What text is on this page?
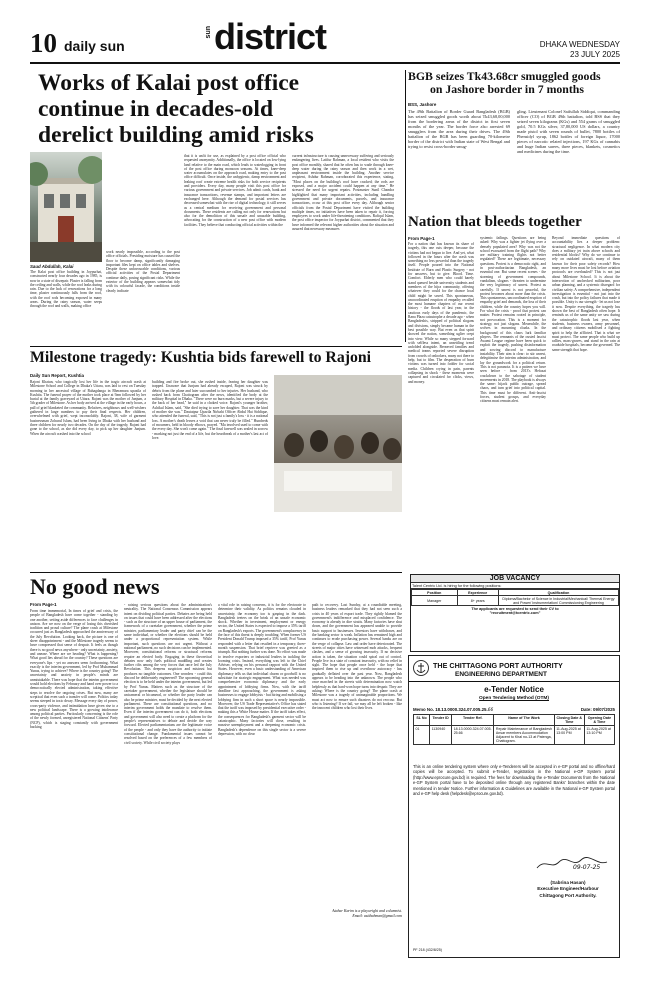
10 daily sun
sun district	DHAKA WEDNESDAY
23 JULY 2025
Works of Kalai post office
continue in decades-old
derelict building amid risks
Saud Abdullah, Kalai
The Kalai post office building in Joypurhat, constructed nearly four decades ago in 1985, is now in a state of disrepair. Plaster is falling from the ceiling and walls, while the roof leaks during rain. Due to the lack of renovations for a long time, plaster continuously falls from the roof, with the roof rods becoming exposed in many areas. During the rainy season, water seeps through the roof and walls, making office
work nearly impossible, according to the post office officials. Presiding moisture has caused the floor to become damp, significantly damaging important files kept on office tables and shelves. Despite these unfavourable conditions, various official activities of the Postal Department continue daily, posing significant risks. While the exterior of the building appears somewhat tidy with its colourful facade, the conditions inside clearly indicate
that it is unfit for use, as explained by a post office official who requested anonymity. Additionally, the office is located on low-lying land relative to the main road, which leads to waterlogging in front of the post office during monsoon seasons. At times, knee-deep water accumulates on the approach road, making entry to the post office difficult. Once inside, the unhygienic, damp environment and leaking roof create extreme health risks for both service recipients and providers. Every day, many people visit this post office for various government and private services. Job admit cards, bank and insurance transactions, revenue stamps, and important letters are exchanged here. Although the demand for postal services has decreased somewhat with the rise of digital technology, it still serves as a central medium for receiving government and personal documents. These residents are calling not only for renovations but also for the demolition of this unsafe and unusable building, advocating for the construction of a new post office with modern facilities. They believe that conducting official activities within the
current infrastructure is causing unnecessary suffering and seriously endangering lives. Latifur Rahman, a local resident who visits the post office monthly, shared that he often has to wade through knee-deep water during the rainy season and then work in a wet, unpleasant environment inside the building. Another service recipient, Ashdur Rahman, corroborated this experience, stating, "Most places on the building's roof have cracked; the rods are exposed, and a major accident could happen at any time." He stressed the need for urgent repairs. Postmaster Sunil Chandra highlighted that many important activities, including handling government and private documents, parcels, and insurance transactions, occur at this post office every day. Although senior officials from the Postal Department have visited the building multiple times, no initiatives have been taken to repair it, forcing employees to work under life-threatening conditions. Rafiqul Islam, the post office inspector for Joypurhat district, commented that they have informed the relevant higher authorities about the situation and assured that necessary measures
BGB seizes Tk43.68cr smuggled goods
on Jashore border in 7 months
BSS, Jashore
The 49th Battalion of Border Guard Bangladesh (BGB) has seized smuggled goods worth about Tk43,68,00,000 from the bordering areas of the district in first seven months of the year. The border force also arrested 69 smugglers from the area during their drives. The 49th battalion of the BGB has been guarding 70-kilometre border of the district with Indian state of West Bengal and trying to resist cross-border smug-
gling. Lieutenant Colonel Saifullah Siddiqui, commanding officer (CO) of BGB 49th battalion, told BSS that they seized seven kilograms (KGs) and 554 grams of smuggled gold, 70.5 KGs silver, 37,80,000 US dollars, a country made pistol with seven rounds of bullet, 7800 bottles of Phensidyl syrup, 1862 bottles of foreign liquor, 17000 pieces of narcotic related injections, 197 KGs of cannabis and huge Indian sarees, three pieces, blankets, cosmetics and medicines during the time.
Nation that bleeds together
From Page-1
For a nation that has known its share of tragedy, this one cuts deeper, because the victims had not begun to live. And yet, what followed in the hours after the crash was something no less powerful than the tragedy itself. People poured into the National Institute of Burn and Plastic Surgery - not for answers, but to give. Blood. Time. Comfort. Elderly men who could barely stand queued beside university students and members of the hijra community, offering whatever they could for the chance local child might be saved. This spontaneous, uncoordinated eruption of empathy recalled the most humane chapters of our recent history - the floods of last year, in the cautious early days of the pandemic, the Rana Plaza catastrophe a decade ago - when Bangladeshis, stripped of political slogans and divisions, simply became human in the best possible way. But even as that spirit showed the nation, something uglier crept into view. While so many stepped forward with selfless intent, an unsettling trend unfolded alongside. Bereaved families and medical teams reported severe disruption from crowds of onlookers, many not there to help, but to film. The desperation of burn victims was turned into fodder for social media. Children crying in pain, parents collapsing in shock - these moments were captured and circulated for clicks, views, and money.
systemic failings. Questions are being asked: Why was a fighter jet flying over a densely populated area? Why was not the school evacuated from the flight path? Why are military training flights not better regulated? These are legitimate, necessary questions. Protest is a democratic right, and in post-authoritarian Bangladesh, an essential one. But some recent scenes - the storming of government compounds, vandalism, slogans - threaten to undermine the very legitimacy of unrest. Protest as carefully. If unrest is not peaceful, the protest becomes about more than the crisis. This spontaneous, uncoordinated eruption of empathy grief and demands, the loss of their children, while the country hopes you will. For what the crisis - proof that protest can matter. Protest remains rooted in principle, not provocation. This is a moment for strategy, not just slogans. Meanwhile, the wolves in mourning cloaks. In the background of this chaos lurk familiar players. The remnants of the ousted fascist Awami League regime have been quick to exploit the tragedy, pushing disinformation and sowing discord to manufacture instability. Their aim is clear: to stir unrest, delegitimise the interim administration, and lay the groundwork for a political return. This is not paranoia. It is a pattern we have seen before - from 2013's Hefazat crackdown to the sabotage of student movements in 2018. The playbook is always the same: hijack public outrage, spread chaos, and turn grief into political capital. This time must be different. Anti-fascist forces, student groups, and everyday citizens must remain alert.
Beyond immediate questions of accountability lies a deeper problem: structural negligence. In what modern city does a military jet train above schools and residential blocks? Why do we continue to rely on outdated aircraft, many of them known for their poor safety records? How many more lives must be lost before aviation protocols are overhauled? This is not just about Milestone School. It is about the intersection of unchecked militarism, poor urban planning, and a systemic disregard for civilian safety. A comprehensive, independent investigation is essential - not just into the crash, but into the policy failures that made it possible. Unity is our strength - let us not lose it now. Despite everything, the tragedy has shown the best of Bangladesh often hope. It reminds us of the same unity we saw during the catastrophic floods last year, when students, business owners, army personnel, and ordinary citizens mobilised a fighting spirit to help the afflicted. That is what we must protect. The same people who build up rallies, mass-graves, and stand in the rain at roadside hospitals, become the governed. The same strength that hope.
Milestone tragedy: Kushtia bids farewell to Rajoni
Daily Sun Report, Kushtia
Rajoni Khatun, who tragically lost her life in the tragic aircraft crash at Milestone School and College in Dhaka's Uttara, was laid to rest on Tuesday morning in her ancestral village of Bahagdanga in Bheramara upazila of Kushtia. The funeral prayer of the mother took place at 9am followed by her burial at the family graveyard at Uttara. Rajoni was the mother of Junjum, a 5th grader of Milestone. As her body arrived at the village in the early hours, a pall of grief blanketed the community. Relatives, neighbours and well-wishers gathered in large numbers to pay their final respects. Her children, overwhelmed with grief, wept inconsolably. Rajoni, 38, wife of garment businessman Zohurul Islam, had been living in Dhaka with her husband and three children for nearly two decades. On the day of the tragedy, Rajoni had gone to the school, as she did every day, to pick up her daughter Junjum. When the aircraft crashed into the school
building and fire broke out, she rushed inside, fearing her daughter was trapped. Unaware that Junjum had already escaped, Rajoni was struck by debris from the plane and later succumbed to her injuries. Her husband, who rushed back from Chattogram after the news, identified the body at the military Hospital in Dhaka. "There were no burn marks, but a severe injury to the back of her head," he said in a choked voice. Rajoni's younger brother, Ashikul Islam, said, "She died trying to save her daughter. That was the kind of mother she was." Dautatpur Upazila Nirbahi Officer Abdul Hai Siddique, who attended the funeral, said, "This is not just a family's loss - it is a national loss. A mother's death leaves a void that can never truly be filled." Hundreds of mourners, held in bloody elbows, prayed. "Ma involved used to come with the every day. She won't come again." The final farewell was sealed in sorrow - marking not just the end of a life, but the heartbreak of a mother's last act of love.
No good news
From Page-1
From time immemorial, In times of grief and crisis, the people of Bangladesh have come together - standing by one another, setting aside differences to face challenges in unison. Are we now on the verge of losing this cherished tradition and proud culture? The plane crash at Milestone occurred just as Bangladesh approached the anniversary of the July Revolution. Looking back, the picture is one of sheer disappointment - and the Milestone tragedy seems to have compressed that sense of despair. It feels as though there is no good news anywhere - only uncertainty, anxiety, and unease. Where are we heading? What is happening? What good lies ahead for the country? These questions are everyone's lips - yet no answers seem forthcoming. What exactly is the interim government, led by Prof Muhammad Yunus, trying to achieve? Where is the country going? The uncertainty and anxiety in people's minds are unmistakable. There was hope that the interim government would hold elections by February and hand over power to a democratically elected administration, taking effective steps to resolve the ongoing crises. But now, many are sceptical that even such a transfer will come. Politics today seems steeped in toxic decay. Message every day of power, cross-party violence, and intimidation have given rise to a new political landscape. There is a growing intolerance among political parties. Particularly concerning is the role of the newly formed, unregistered National Citizens' Party (NCP), which is staging constantly with government backing
- raising serious questions about the administration's neutrality. The National Consensus Commission appears intent on dividing political parties. Debates are being held on issues that could have been addressed after the elections - such as the structure of an upper house of parliament, the framework of a caretaker government, whether the prime minister, parliamentary leader and party chief can be the same individual, or whether the elections should be held under a proportional representation system. While important, such questions are not urgent. Without a national parliament, no such decisions can be implemented. Moreover, constitutional reforms or structural reforms require an elected body. Engaging in these theoretical debates now only fuels political muddling and creates further rifts among the very forces that once led the July Revolution. This deepens suspicion and mistrust but produces no tangible outcomes. One wonders - could this discord be deliberately engineered? The upcoming general election is to be held under the interim government, but led by Prof Yunus. Matters such as the structure of the caretaker government, whether the legislature should be unicameral or bicameral, or whether the party leader can also be prime minister, must be decided by the next elected parliament. These are constitutional questions, and no interim government holds the mandate to resolve them. Even if the interim government can do it, both elections and government will also need to create a platform for the people's representatives to debate and decide the way forward. Elected parliamentarians are the legitimate voice of the people - and only they have the authority to initiate constitutional change. Fundamental issues cannot be resolved based on the preferences of a few members of civil society. While civil society plays
a vital role in raising concerns, it is for the electorate to determine their validity. As politics remains clouded in uncertainty, the economy too is gasping in the dark. Bangladesh teeters on the brink of an unsafe economic shock. Whether in investment, employment or energy sector, the United States is expected to impose a 35% tariff on Bangladesh's exports. The government's complacency in the face of this threat is deeply troubling. When former US President Donald Trump imposed a 35% tariff, Prof Yunus responded with a letter that resulted in a temporary, three-month suspension. That brief reprieve was greeted as a triumph. But nothing further was done. No effort was made to involve exporters or industrial leaders in tackling the looming crisis. Instead, everything was left to the Chief Adviser, relying on his personal rapport with the United States. However, even a basic understanding of American diplomacy tells us that individual charm or goodwill is no substitute for strategic engagement. What was needed was comprehensive economic diplomacy and the early appointment of lobbying firms. Now, with the tariff deadline fast approaching, the government is asking businesses to engage lobbyists - but hiring and mobilising a lobbying firm in such a short space is nearly impossible. Moreover, the US Trade Representative's Office has stated that the tariff was imposed by presidential executive order - making this a White House matter. If the tariff takes effect, the consequences for Bangladesh's garment sector will be catastrophic. Many factories will close, resulting in massive unemployment and a deepening economic crisis. Bangladesh's dependence on this single sector is a severe depression, with no clear
path to recovery. Last Sunday, at a roundtable meeting, business leaders remarked that they had not seen such a crisis in 40 years of export trade. They rightly blamed the government's indifference and misplaced confidence. The economy is already in dire straits. Many factories have shut down, and the government has appeared unable to provide basic support to businesses. Investors have withdrawn, and the banking sector is weak. Inflation has remained high and continues to erode purchasing power. Several banks are on the verge of collapse. Law and order have deteriorated. The streets of major cities have witnessed mob attacks, frequent clashes, and a sense of growing insecurity. If no decisive action is taken, the situation could spiral out of control. People live in a state of constant insecurity, with no relief in sight. The hope that people once held - the hope that inspired them to rise up and overthrow autocracy - has gradually deflated over the past year. Now, Bangladesh appears to be heading into the unknown. The people who once marched in the streets with determination now watch helplessly as that hard-won hope turns into despair. They are asking: Where is the country going? The plane crash at Milestone was a tragedy of unimaginable proportions. We must act now to ensure such disasters do not reoccur. But who is listening? If we fail, we may all be left broken - like the innocent children who lost their lives.
Atahar Karim is a playwright and columnist.
Email: asitbahman@gmail.com
JOB VACANCY
Talent Centric Ltd. is hiring for the following positions:
Position	Experience	Qualification
Manager	8+ years	Diploma/Bachelor of Science in Industrial/Mechanical/ Thermal Energy and Power/ Instrumentation/ Commissioning Engineering
The applicants are requested to send their CV to
"recruitment@tcentric.com"
THE CHITTAGONG PORT AUTHORITY
ENGINEERING DEPARTMENT
e-Tender Notice
Open Tendering Method (OTM)
Memo No. 18.13.0000.324.07.005.25.66	Date: 09/07/2025
SL No	Tender ID	Tender Ref.	Name of The Work	Closing Date & Time	Opening Date & Time
01	1130940	18.13.0000.324.07.005.25.66	Repair Maintenance of Bangladesh Ansar members Accommodation Adjacent to Khal no-13 at Patenga, Chattogram.	11-Aug-2025 at 13:00 PM	11-Aug-2025 at 13:10 PM
This is an online tendering system where only e-Tenderers will be accepted in e-GP portal and no offline/hard copies will be accepted. To submit e-Tender, registration in the National e-GP System portal (http://www.eprocure.gov.bd) is required. The fees for downloading the e-Tender Documents from the National e-GP System portal have to be deposited online through any registered Banks' branches within the date mentioned in tender Notice. Further information & Guidelines are available in the National e-GP System portal and e-GP help desk (helpdesk@eprocure.gov.bd).
09-07-25
(Sabrina Hasan)
Executive Engineer/Harbour
Chittagong Port Authority.
PF 218 (432/8/25)
